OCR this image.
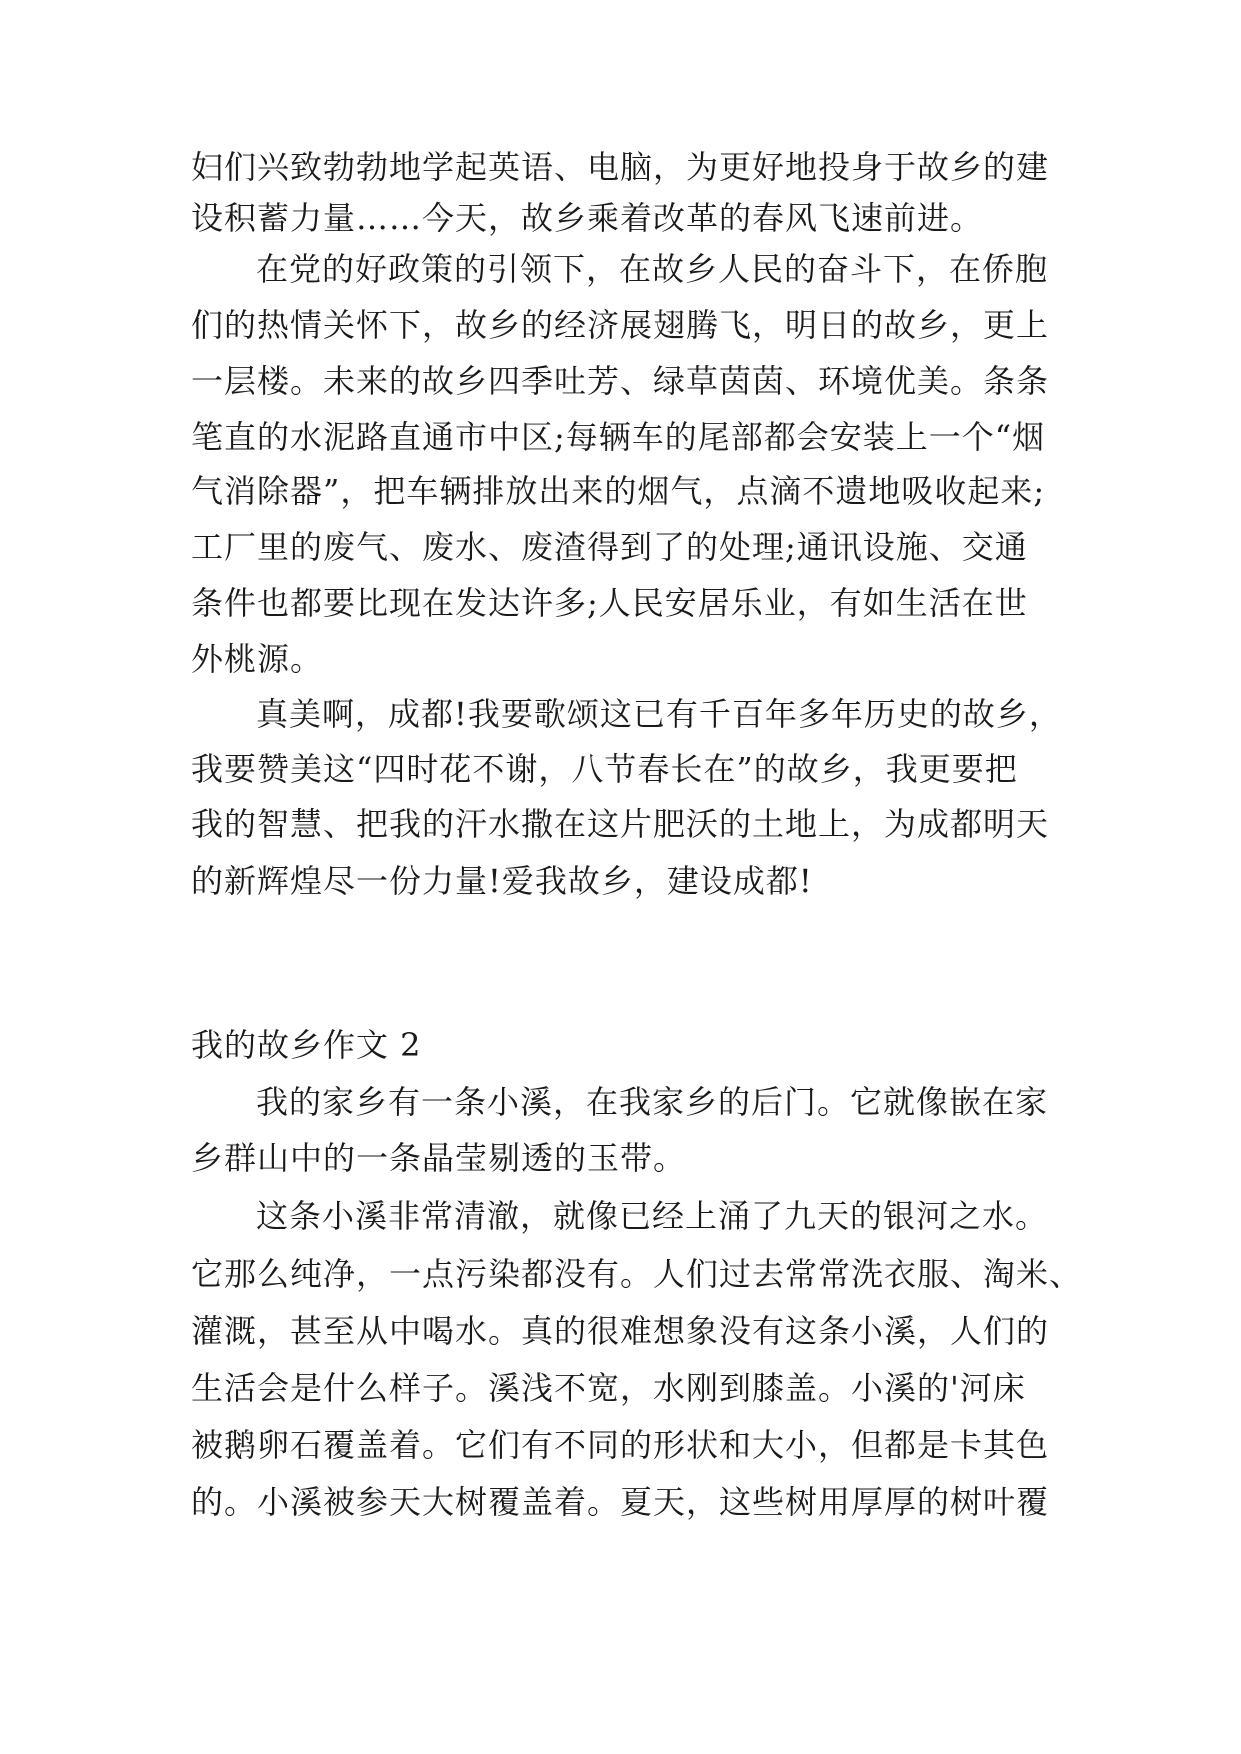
妇们兴致勃勃地学起英语、电脑，为更好地投身于故乡的建
设积蓄力量……今天，故乡乘着改革的春风飞速前进。
在党的好政策的引领下，在故乡人民的奋斗下，在侨胞
们的热情关怀下，故乡的经济展翅腾飞，明日的故乡，更上
一层楼。未来的故乡四季吐芳、绿草茵茵、环境优美。条条
笔直的水泥路直通市中区;每辆车的尾部都会安装上一个“烟
气消除器”，把车辆排放出来的烟气，点滴不遗地吸收起来;
工厂里的废气、废水、废渣得到了的处理;通讯设施、交通
条件也都要比现在发达许多;人民安居乐业，有如生活在世
外桃源。
真美啊，成都!我要歌颂这已有千百年多年历史的故乡，
我要赞美这“四时花不谢，八节春长在”的故乡，我更要把
我的智慧、把我的汗水撒在这片肥沃的土地上，为成都明天
的新辉煌尽一份力量!爱我故乡，建设成都!
我的故乡作文 2
我的家乡有一条小溪，在我家乡的后门。它就像嵌在家
乡群山中的一条晶莹剔透的玉带。
这条小溪非常清澈，就像已经上涌了九天的银河之水。
它那么纯净，一点污染都没有。人们过去常常洗衣服、淘米、
灌溉，甚至从中喝水。真的很难想象没有这条小溪，人们的
生活会是什么样子。溪浅不宽，水刚到膝盖。小溪的'河床
被鹅卵石覆盖着。它们有不同的形状和大小，但都是卡其色
的。小溪被参天大树覆盖着。夏天，这些树用厚厚的树叶覆
